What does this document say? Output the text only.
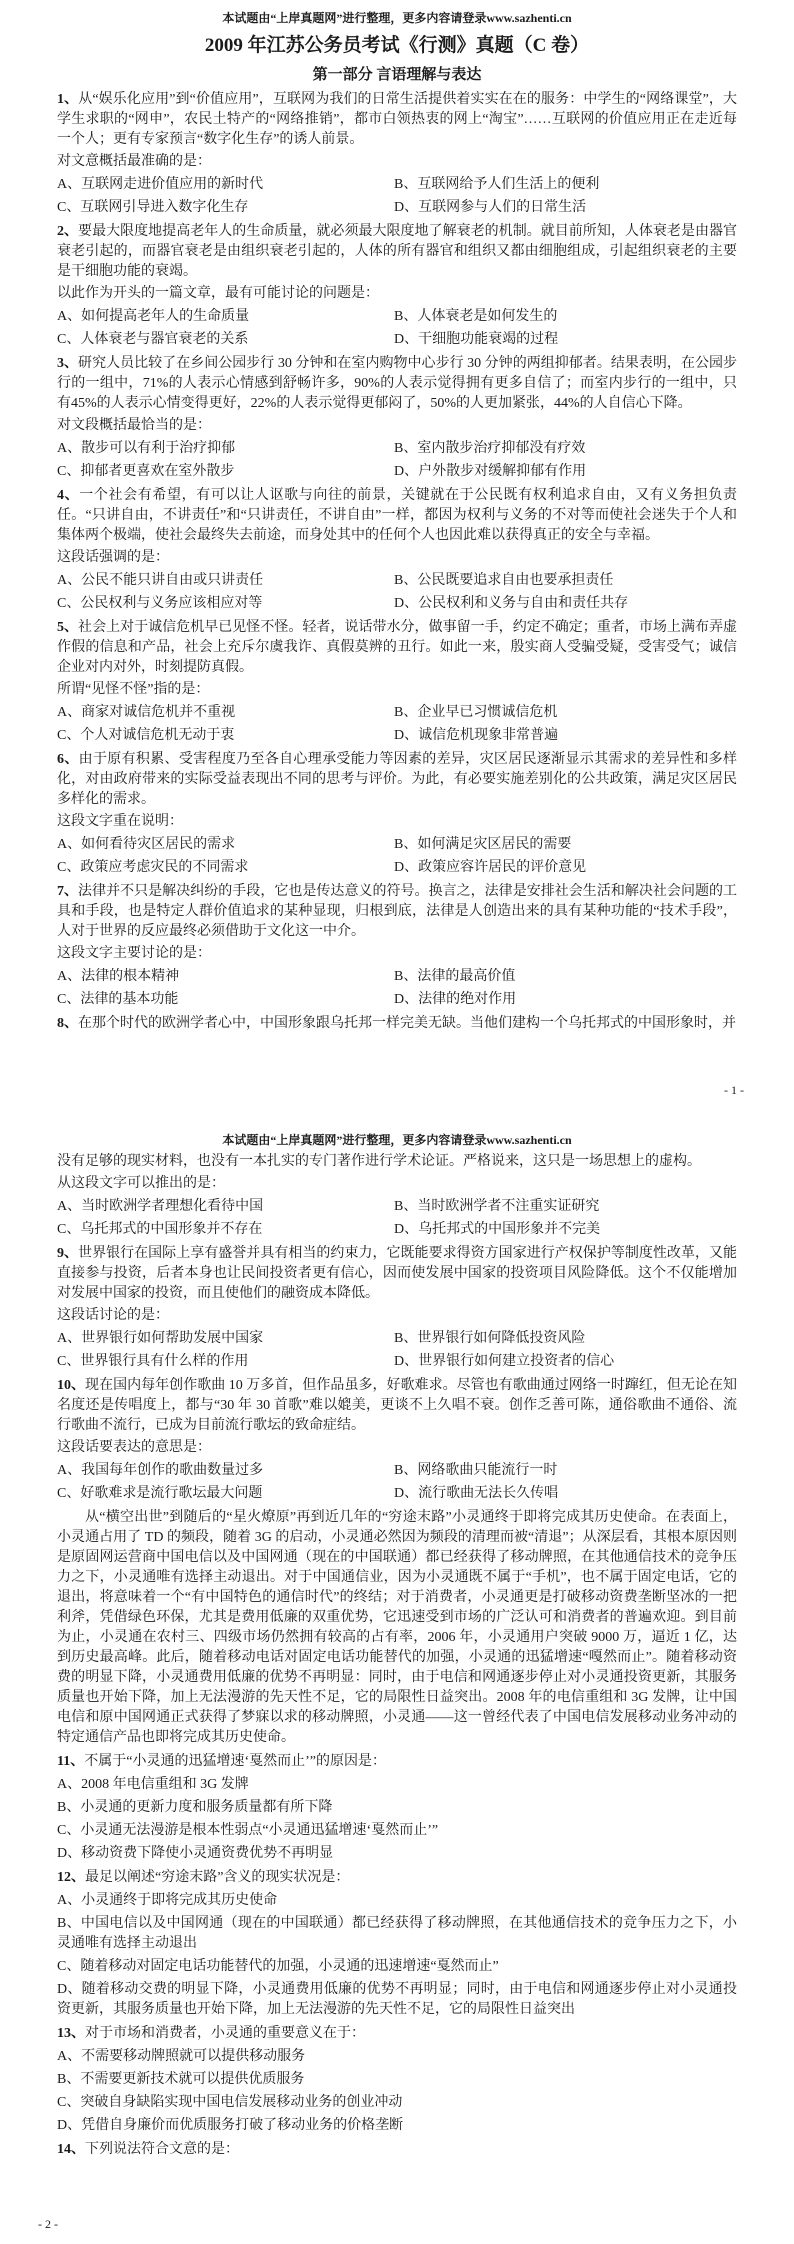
本试题由“上岸真题网”进行整理，更多内容请登录www.sazhenti.cn

2009 年江苏公务员考试《行测》真题（C 卷）
第一部分 言语理解与表达

1、从“娱乐化应用”到“价值应用”，互联网为我们的日常生活提供着实实在在的服务：中学生的“网络课堂”，大学生求职的“网申”，农民土特产的“网络推销”，都市白领热衷的网上“淘宝”……互联网的价值应用正在走近每一个人；更有专家预言“数字化生存”的诱人前景。

对文意概括最准确的是：

A、互联网走进价值应用的新时代	B、互联网给予人们生活上的便利

C、互联网引导进入数字化生存	D、互联网参与人们的日常生活

2、要最大限度地提高老年人的生命质量，就必须最大限度地了解衰老的机制。就目前所知，人体衰老是由器官衰老引起的，而器官衰老是由组织衰老引起的，人体的所有器官和组织又都由细胞组成，引起组织衰老的主要是干细胞功能的衰竭。

以此作为开头的一篇文章，最有可能讨论的问题是：

A、如何提高老年人的生命质量	B、人体衰老是如何发生的

C、人体衰老与器官衰老的关系	D、干细胞功能衰竭的过程

3、研究人员比较了在乡间公园步行 30 分钟和在室内购物中心步行 30 分钟的两组抑郁者。结果表明，在公园步行的一组中，71%的人表示心情感到舒畅许多，90%的人表示觉得拥有更多自信了；而室内步行的一组中，只有45%的人表示心情变得更好，22%的人表示觉得更郁闷了，50%的人更加紧张，44%的人自信心下降。

对文段概括最恰当的是：

A、散步可以有利于治疗抑郁	B、室内散步治疗抑郁没有疗效

C、抑郁者更喜欢在室外散步	D、户外散步对缓解抑郁有作用

4、一个社会有希望，有可以让人讴歌与向往的前景，关键就在于公民既有权利追求自由，又有义务担负责任。“只讲自由，不讲责任”和“只讲责任，不讲自由”一样，都因为权利与义务的不对等而使社会迷失于个人和集体两个极端，使社会最终失去前途，而身处其中的任何个人也因此难以获得真正的安全与幸福。

这段话强调的是：

A、公民不能只讲自由或只讲责任	B、公民既要追求自由也要承担责任

C、公民权利与义务应该相应对等	D、公民权利和义务与自由和责任共存

5、社会上对于诚信危机早已见怪不怪。轻者，说话带水分，做事留一手，约定不确定；重者，市场上满布弄虚作假的信息和产品，社会上充斥尔虞我诈、真假莫辨的丑行。如此一来，殷实商人受骗受疑，受害受气；诚信企业对内对外，时刻提防真假。

所谓“见怪不怪”指的是：

A、商家对诚信危机并不重视	B、企业早已习惯诚信危机

C、个人对诚信危机无动于衷	D、诚信危机现象非常普遍

6、由于原有积累、受害程度乃至各自心理承受能力等因素的差异，灾区居民逐渐显示其需求的差异性和多样化，对由政府带来的实际受益表现出不同的思考与评价。为此，有必要实施差别化的公共政策，满足灾区居民多样化的需求。

这段文字重在说明：

A、如何看待灾区居民的需求	B、如何满足灾区居民的需要

C、政策应考虑灾民的不同需求	D、政策应容许居民的评价意见

7、法律并不只是解决纠纷的手段，它也是传达意义的符号。换言之，法律是安排社会生活和解决社会问题的工具和手段，也是特定人群价值追求的某种显现，归根到底，法律是人创造出来的具有某种功能的“技术手段”，人对于世界的反应最终必须借助于文化这一中介。

这段文字主要讨论的是：

A、法律的根本精神	B、法律的最高价值

C、法律的基本功能	D、法律的绝对作用

8、在那个时代的欧洲学者心中，中国形象跟乌托邦一样完美无缺。当他们建构一个乌托邦式的中国形象时，并

- 1 -

本试题由“上岸真题网”进行整理，更多内容请登录www.sazhenti.cn

没有足够的现实材料，也没有一本扎实的专门著作进行学术论证。严格说来，这只是一场思想上的虚构。

从这段文字可以推出的是：

A、当时欧洲学者理想化看待中国	B、当时欧洲学者不注重实证研究

C、乌托邦式的中国形象并不存在	D、乌托邦式的中国形象并不完美

9、世界银行在国际上享有盛誉并具有相当的约束力，它既能要求得资方国家进行产权保护等制度性改革，又能直接参与投资，后者本身也让民间投资者更有信心，因而使发展中国家的投资项目风险降低。这个不仅能增加对发展中国家的投资，而且使他们的融资成本降低。

这段话讨论的是：

A、世界银行如何帮助发展中国家	B、世界银行如何降低投资风险

C、世界银行具有什么样的作用	D、世界银行如何建立投资者的信心

10、现在国内每年创作歌曲 10 万多首，但作品虽多，好歌难求。尽管也有歌曲通过网络一时蹿红，但无论在知名度还是传唱度上，都与“30 年 30 首歌”难以媲美，更谈不上久唱不衰。创作乏善可陈，通俗歌曲不通俗、流行歌曲不流行，已成为目前流行歌坛的致命症结。

这段话要表达的意思是：

A、我国每年创作的歌曲数量过多	B、网络歌曲只能流行一时

C、好歌难求是流行歌坛最大问题	D、流行歌曲无法长久传唱

从“横空出世”到随后的“星火燎原”再到近几年的“穷途末路”小灵通终于即将完成其历史使命。在表面上，小灵通占用了 TD 的频段，随着 3G 的启动，小灵通必然因为频段的清理而被“清退”；从深层看，其根本原因则是原固网运营商中国电信以及中国网通（现在的中国联通）都已经获得了移动牌照，在其他通信技术的竞争压力之下，小灵通唯有选择主动退出。对于中国通信业，因为小灵通既不属于“手机”，也不属于固定电话，它的退出，将意味着一个“有中国特色的通信时代”的终结；对于消费者，小灵通更是打破移动资费垄断坚冰的一把利斧，凭借绿色环保，尤其是费用低廉的双重优势，它迅速受到市场的广泛认可和消费者的普遍欢迎。到目前为止，小灵通在农村三、四级市场仍然拥有较高的占有率，2006 年，小灵通用户突破 9000 万，逼近 1 亿，达到历史最高峰。此后，随着移动电话对固定电话功能替代的加强，小灵通的迅猛增速“嘎然而止”。随着移动资费的明显下降，小灵通费用低廉的优势不再明显：同时，由于电信和网通逐步停止对小灵通投资更新，其服务质量也开始下降，加上无法漫游的先天性不足，它的局限性日益突出。2008 年的电信重组和 3G 发牌，让中国电信和原中国网通正式获得了梦寐以求的移动牌照，小灵通——这一曾经代表了中国电信发展移动业务冲动的特定通信产品也即将完成其历史使命。

11、不属于“小灵通的迅猛增速‘戛然而止’”的原因是：

A、2008 年电信重组和 3G 发牌

B、小灵通的更新力度和服务质量都有所下降

C、小灵通无法漫游是根本性弱点“小灵通迅猛增速‘戛然而止’”

D、移动资费下降使小灵通资费优势不再明显

12、最足以阐述“穷途末路”含义的现实状况是：

A、小灵通终于即将完成其历史使命

B、中国电信以及中国网通（现在的中国联通）都已经获得了移动牌照，在其他通信技术的竞争压力之下，小灵通唯有选择主动退出

C、随着移动对固定电话功能替代的加强，小灵通的迅速增速“戛然而止”

D、随着移动交费的明显下降，小灵通费用低廉的优势不再明显；同时，由于电信和网通逐步停止对小灵通投资更新，其服务质量也开始下降，加上无法漫游的先天性不足，它的局限性日益突出

13、对于市场和消费者，小灵通的重要意义在于：

A、不需要移动牌照就可以提供移动服务

B、不需要更新技术就可以提供优质服务

C、突破自身缺陷实现中国电信发展移动业务的创业冲动

D、凭借自身廉价而优质服务打破了移动业务的价格垄断

14、下列说法符合文意的是：

- 2 -
